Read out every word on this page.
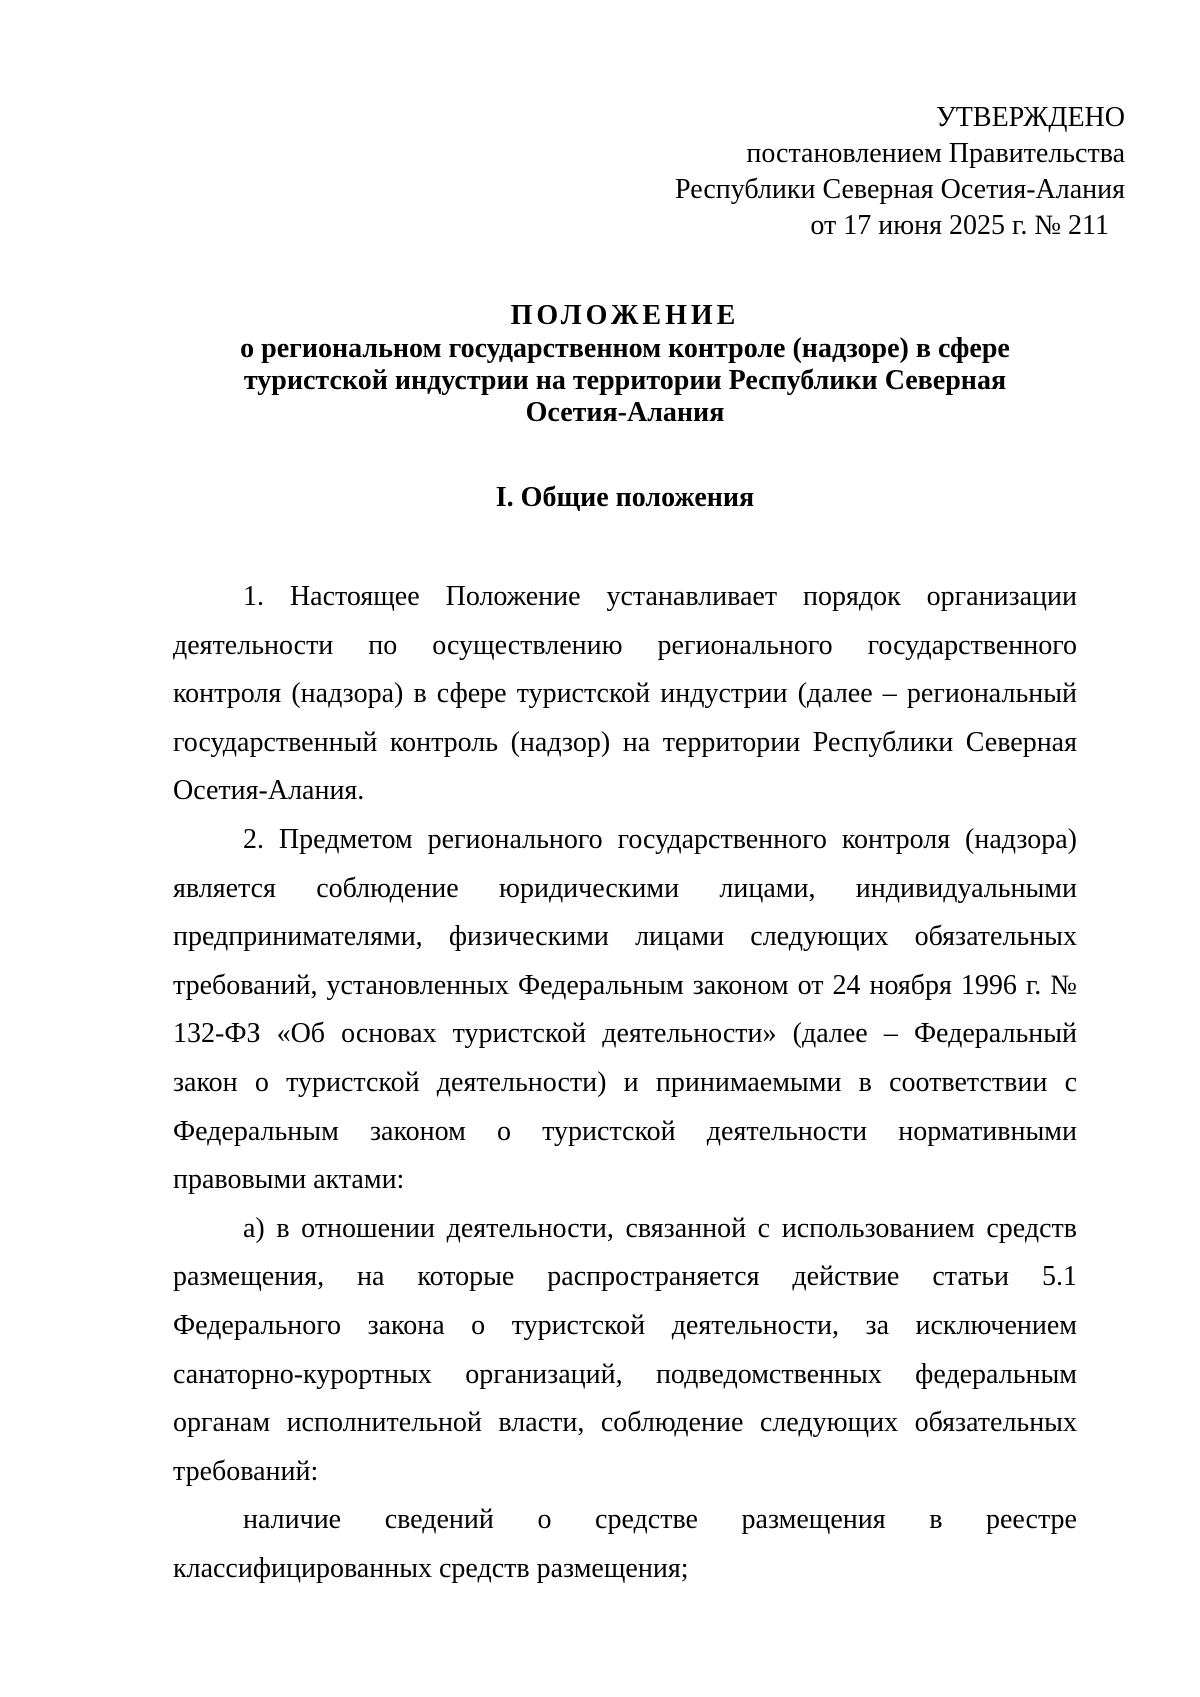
УТВЕРЖДЕНО
постановлением Правительства
Республики Северная Осетия-Алания
от 17 июня 2025 г. № 211
ПОЛОЖЕНИЕ
о региональном государственном контроле (надзоре) в сфере
туристской индустрии на территории Республики Северная
Осетия-Алания
I. Общие положения

1. Настоящее Положение устанавливает порядок организации деятельности по осуществлению регионального государственного контроля (надзора) в сфере туристской индустрии (далее – региональный государственный контроль (надзор) на территории Республики Северная Осетия-Алания.

2. Предметом регионального государственного контроля (надзора) является соблюдение юридическими лицами, индивидуальными предпринимателями, физическими лицами следующих обязательных требований, установленных Федеральным законом от 24 ноября 1996 г. № 132-ФЗ «Об основах туристской деятельности» (далее – Федеральный закон о туристской деятельности) и принимаемыми в соответствии с Федеральным законом о туристской деятельности нормативными правовыми актами:

а) в отношении деятельности, связанной с использованием средств размещения, на которые распространяется действие статьи 5.1 Федерального закона о туристской деятельности, за исключением санаторно-курортных организаций, подведомственных федеральным органам исполнительной власти, соблюдение следующих обязательных требований:

наличие сведений о средстве размещения в реестре классифицированных средств размещения;
